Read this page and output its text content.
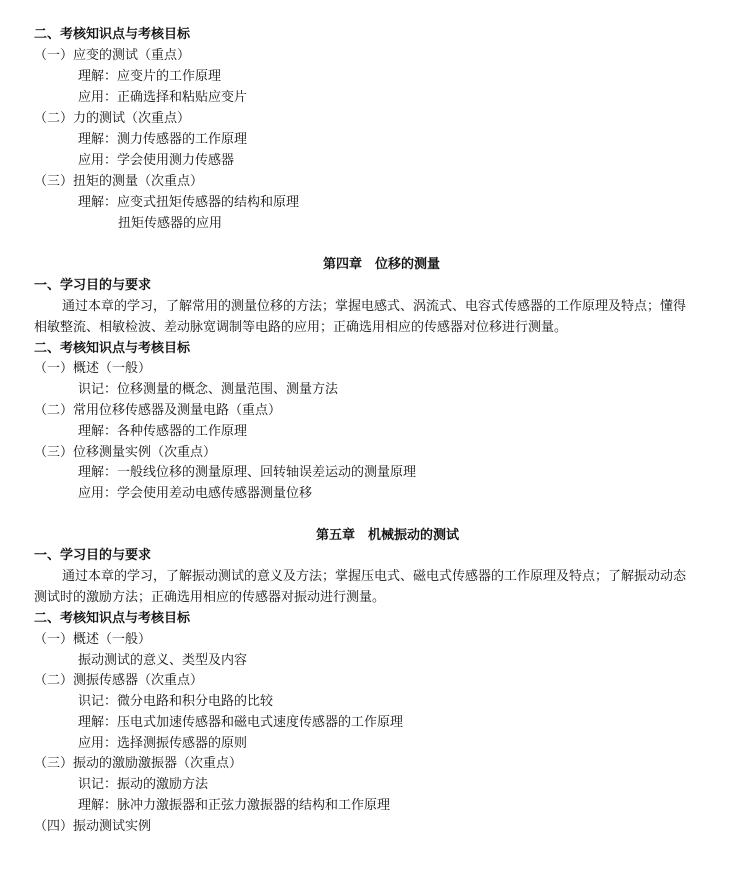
二、考核知识点与考核目标
（一）应变的测试（重点）
理解：应变片的工作原理
应用：正确选择和粘贴应变片
（二）力的测试（次重点）
理解：测力传感器的工作原理
应用：学会使用测力传感器
（三）扭矩的测量（次重点）
理解：应变式扭矩传感器的结构和原理
扭矩传感器的应用
第四章　位移的测量
一、学习目的与要求
通过本章的学习，了解常用的测量位移的方法；掌握电感式、涡流式、电容式传感器的工作原理及特点；懂得
相敏整流、相敏检波、差动脉宽调制等电路的应用；正确选用相应的传感器对位移进行测量。
二、考核知识点与考核目标
（一）概述（一般）
识记：位移测量的概念、测量范围、测量方法
（二）常用位移传感器及测量电路（重点）
理解：各种传感器的工作原理
（三）位移测量实例（次重点）
理解：一般线位移的测量原理、回转轴误差运动的测量原理
应用：学会使用差动电感传感器测量位移
第五章　机械振动的测试
一、学习目的与要求
通过本章的学习，了解振动测试的意义及方法；掌握压电式、磁电式传感器的工作原理及特点；了解振动动态
测试时的激励方法；正确选用相应的传感器对振动进行测量。
二、考核知识点与考核目标
（一）概述（一般）
振动测试的意义、类型及内容
（二）测振传感器（次重点）
识记：微分电路和积分电路的比较
理解：压电式加速传感器和磁电式速度传感器的工作原理
应用：选择测振传感器的原则
（三）振动的激励激振器（次重点）
识记：振动的激励方法
理解：脉冲力激振器和正弦力激振器的结构和工作原理
（四）振动测试实例
